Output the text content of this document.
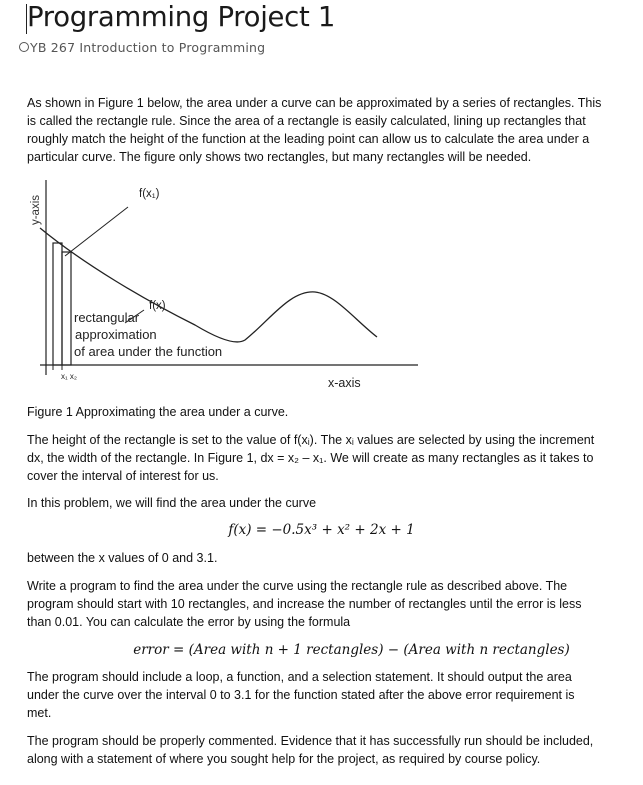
Programming Project 1
YB 267 Introduction to Programming

As shown in Figure 1 below, the area under a curve can be approximated by a series of rectangles. This is called the rectangle rule. Since the area of a rectangle is easily calculated, lining up rectangles that roughly match the height of the function at the leading point can allow us to calculate the area under a particular curve. The figure only shows two rectangles, but many rectangles will be needed.

y-axis
f(x₁)
f(x)
rectangular
approximation
of area under the function
x₁ x₂	x-axis

Figure 1 Approximating the area under a curve.

The height of the rectangle is set to the value of f(xᵢ). The xᵢ values are selected by using the increment dx, the width of the rectangle. In Figure 1, dx = x₂ – x₁. We will create as many rectangles as it takes to cover the interval of interest for us.

In this problem, we will find the area under the curve

f(x) = −0.5x³ + x² + 2x + 1

between the x values of 0 and 3.1.

Write a program to find the area under the curve using the rectangle rule as described above. The program should start with 10 rectangles, and increase the number of rectangles until the error is less than 0.01. You can calculate the error by using the formula

error = (Area with n + 1 rectangles) − (Area with n rectangles)

The program should include a loop, a function, and a selection statement. It should output the area under the curve over the interval 0 to 3.1 for the function stated after the above error requirement is met.

The program should be properly commented. Evidence that it has successfully run should be included, along with a statement of where you sought help for the project, as required by course policy.
